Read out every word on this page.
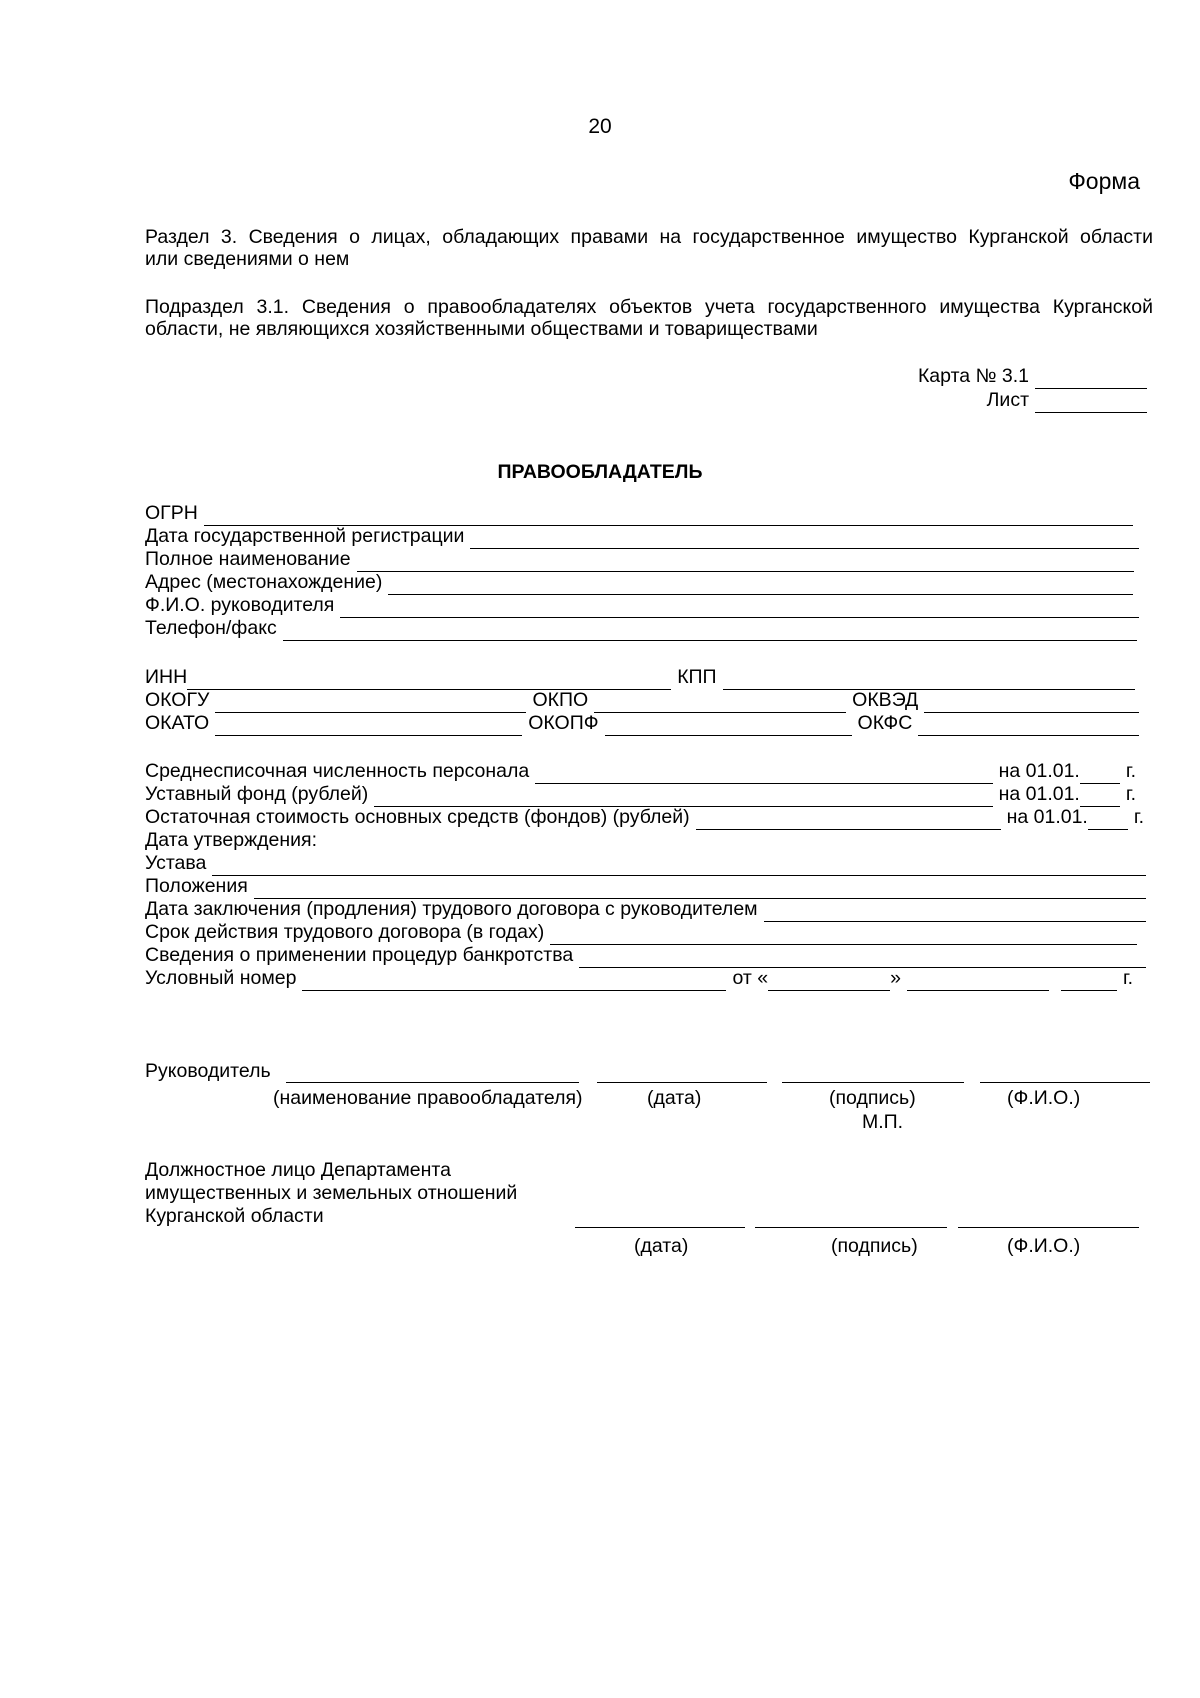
20
Форма
Раздел 3. Сведения о лицах, обладающих правами на государственное имущество Курганской области
или сведениями о нем
Подраздел 3.1. Сведения о правообладателях объектов учета государственного имущества Курганской
области, не являющихся хозяйственными обществами и товариществами
Карта № 3.1
Лист
ПРАВООБЛАДАТЕЛЬ
ОГРН
Дата государственной регистрации
Полное наименование
Адрес (местонахождение)
Ф.И.О. руководителя
Телефон/факс
ИНН	КПП
ОКОГУ	ОКПО	ОКВЭД
ОКАТО	ОКОПФ	ОКФС
Среднесписочная численность персонала	на 01.01. г.
Уставный фонд (рублей)	на 01.01. г.
Остаточная стоимость основных средств (фондов) (рублей)	на 01.01. г.
Дата утверждения:
Устава
Положения
Дата заключения (продления) трудового договора с руководителем
Срок действия трудового договора (в годах)
Сведения о применении процедур банкротства
Условный номер	от «	»	г.
Руководитель
(наименование правообладателя)	(дата)	(подпись)	(Ф.И.О.)
М.П.
Должностное лицо Департамента
имущественных и земельных отношений
Курганской области
(дата)	(подпись)	(Ф.И.О.)
